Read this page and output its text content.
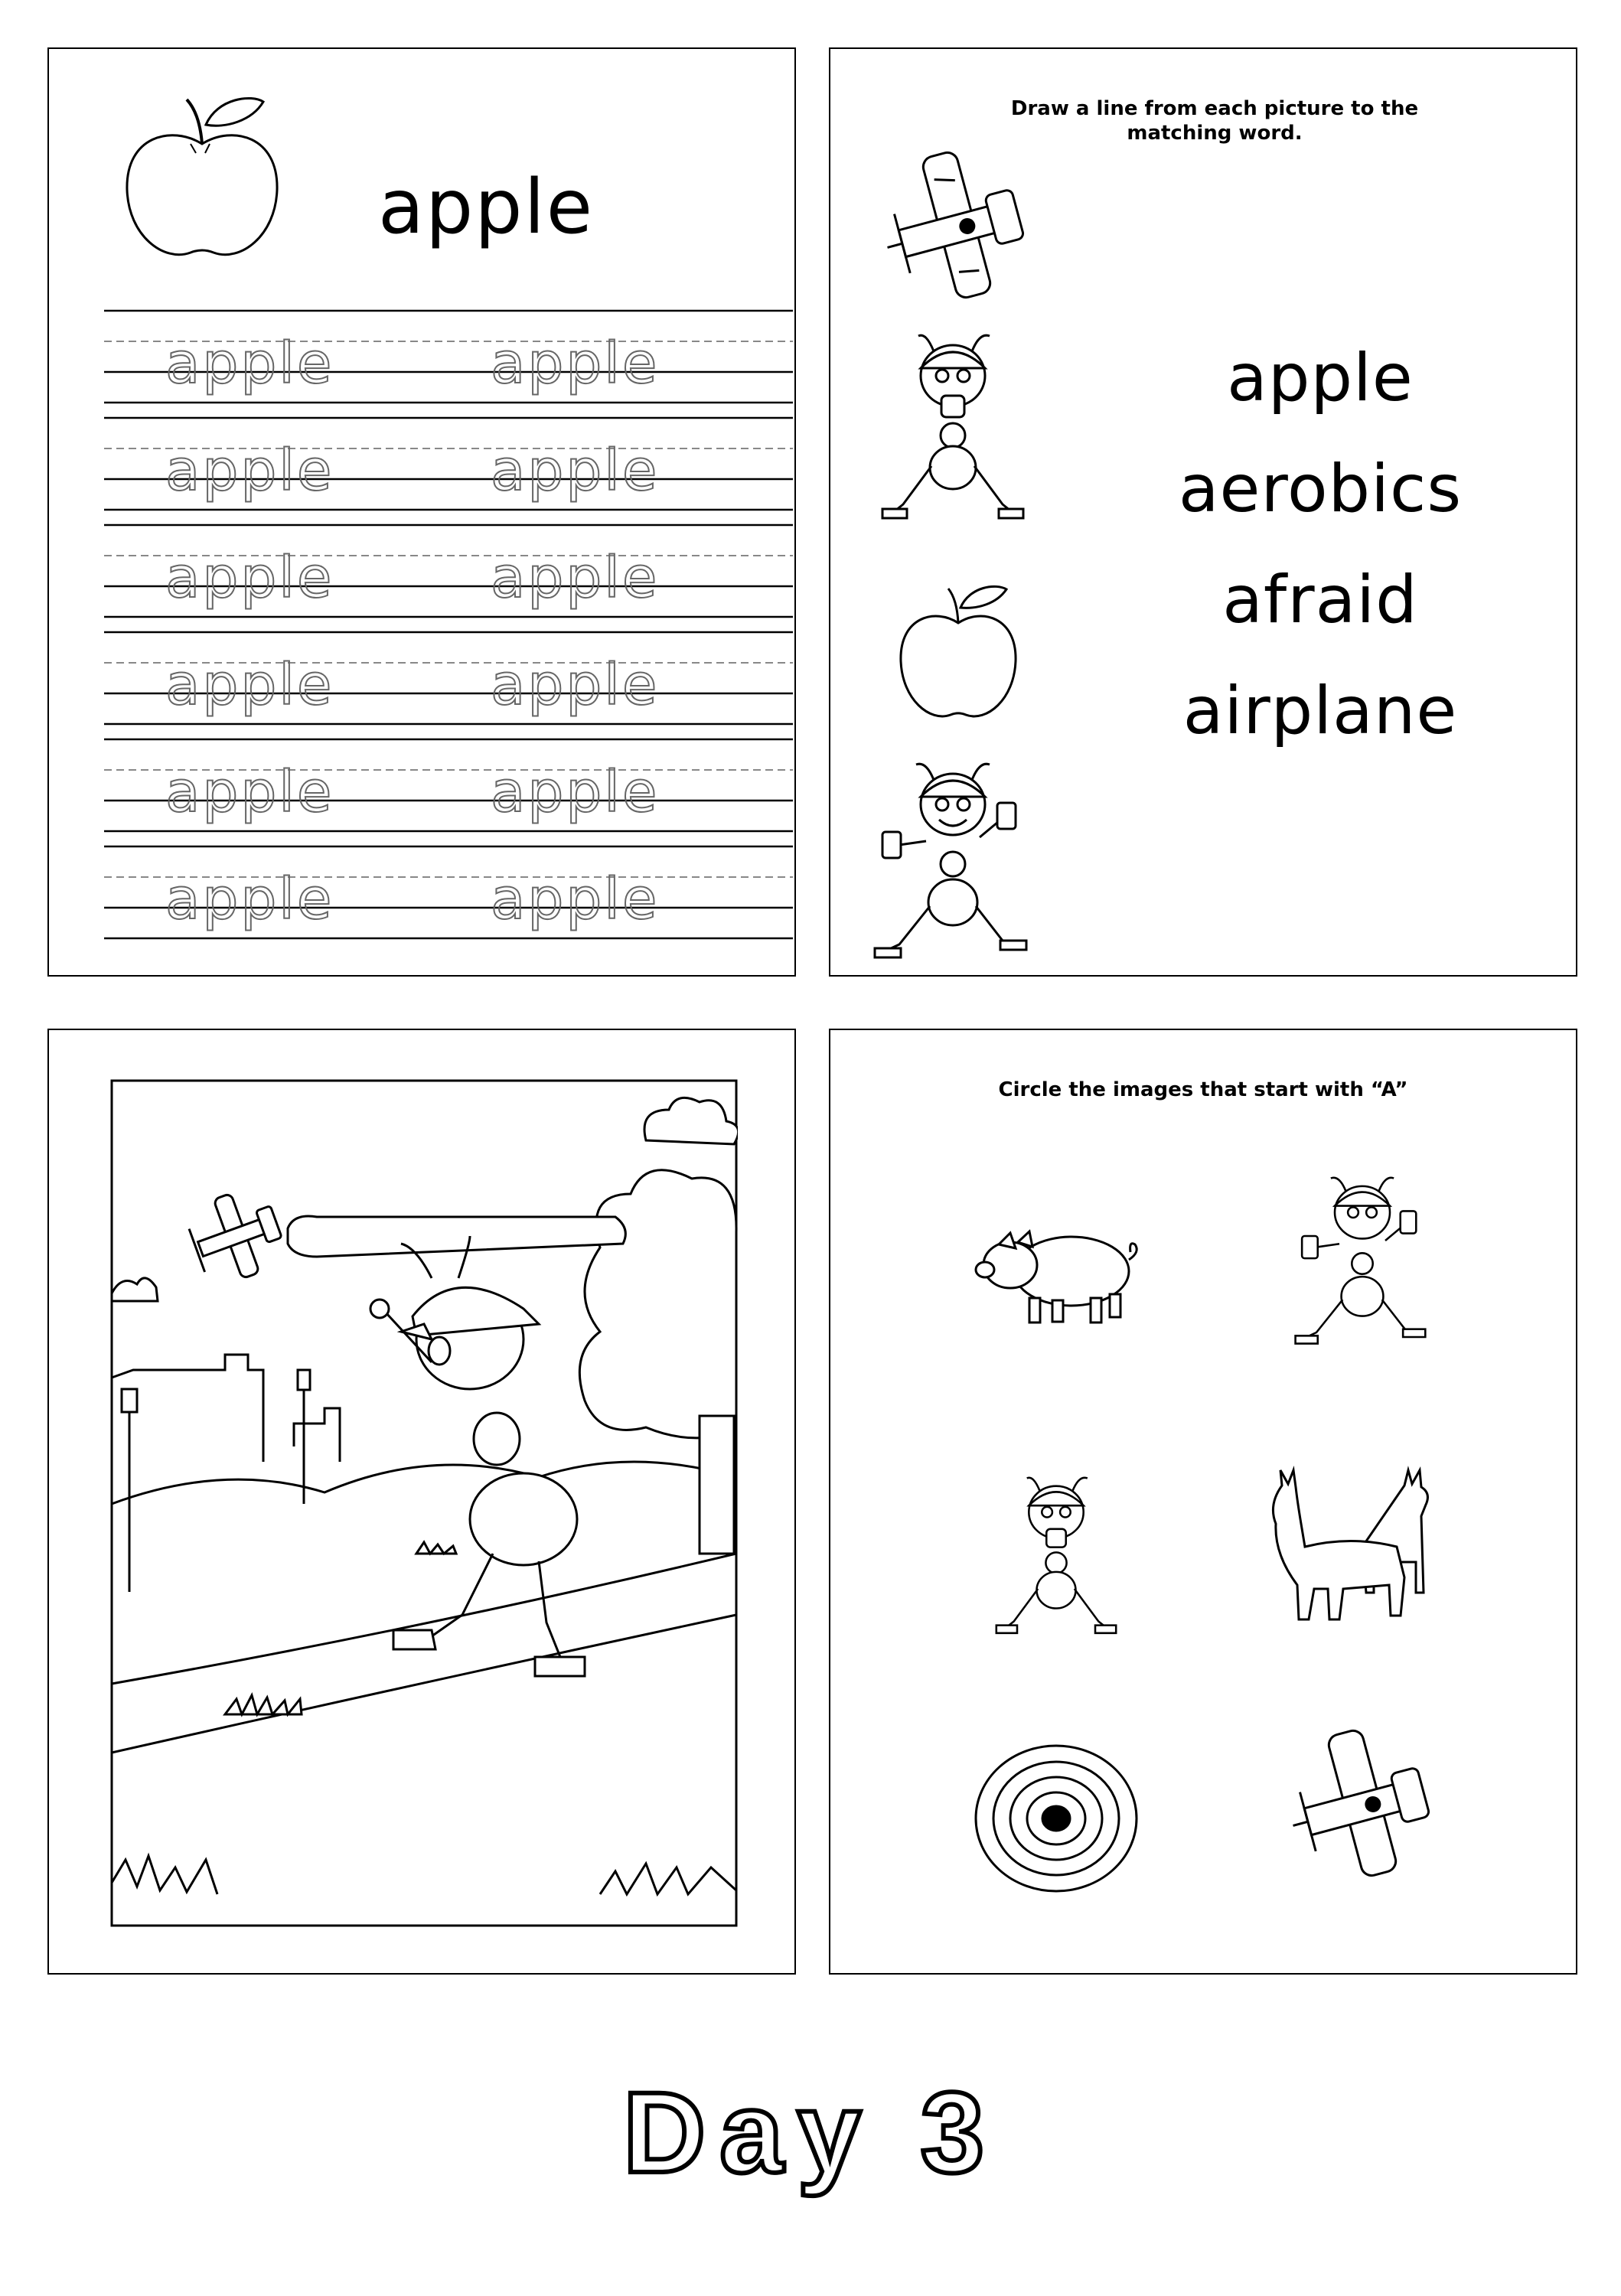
apple
apple	apple
apple	apple
apple	apple
apple	apple
apple	apple
apple	apple
Draw a line from each picture to the matching word.
apple
aerobics
afraid
airplane
Circle the images that start with “A”
Day 3
